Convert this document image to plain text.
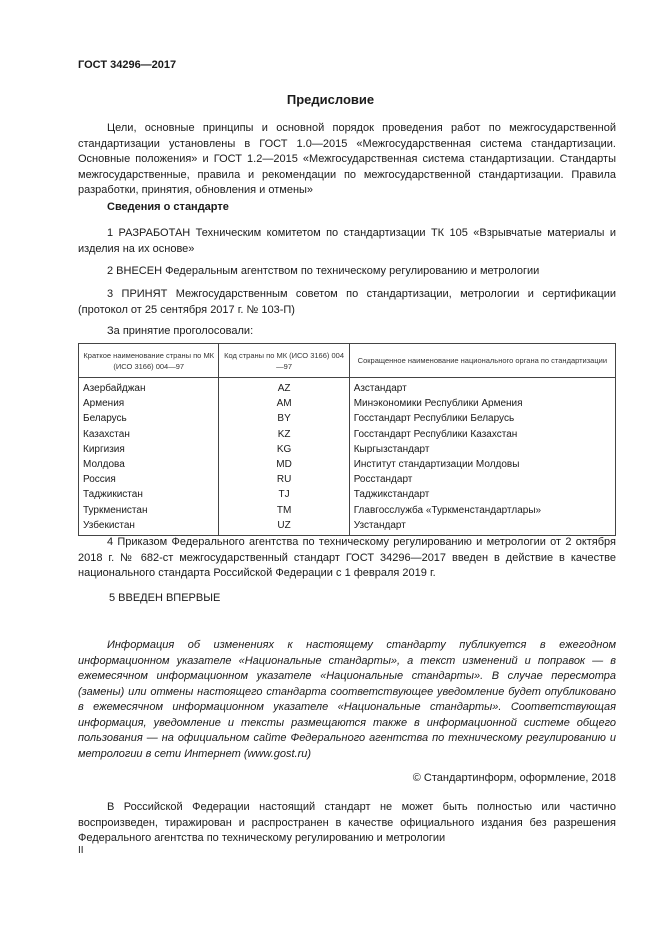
ГОСТ 34296—2017
Предисловие
Цели, основные принципы и основной порядок проведения работ по межгосударственной стандартизации установлены в ГОСТ 1.0—2015 «Межгосударственная система стандартизации. Основные положения» и ГОСТ 1.2—2015 «Межгосударственная система стандартизации. Стандарты межгосударственные, правила и рекомендации по межгосударственной стандартизации. Правила разработки, принятия, обновления и отмены»
Сведения о стандарте
1 РАЗРАБОТАН Техническим комитетом по стандартизации ТК 105 «Взрывчатые материалы и изделия на их основе»
2 ВНЕСЕН Федеральным агентством по техническому регулированию и метрологии
3 ПРИНЯТ Межгосударственным советом по стандартизации, метрологии и сертификации (протокол от 25 сентября 2017 г. № 103-П)
За принятие проголосовали:
Краткое наименование страны по МК (ИСО 3166) 004—97	Код страны по МК (ИСО 3166) 004—97	Сокращенное наименование национального органа по стандартизации
Азербайджан	AZ	Азстандарт
Армения	AM	Минэкономики Республики Армения
Беларусь	BY	Госстандарт Республики Беларусь
Казахстан	KZ	Госстандарт Республики Казахстан
Киргизия	KG	Кыргызстандарт
Молдова	MD	Институт стандартизации Молдовы
Россия	RU	Росстандарт
Таджикистан	TJ	Таджикстандарт
Туркменистан	TM	Главгосслужба «Туркменстандартлары»
Узбекистан	UZ	Узстандарт
4 Приказом Федерального агентства по техническому регулированию и метрологии от 2 октября 2018 г. № 682-ст межгосударственный стандарт ГОСТ 34296—2017 введен в действие в качестве национального стандарта Российской Федерации с 1 февраля 2019 г.
5 ВВЕДЕН ВПЕРВЫЕ
Информация об изменениях к настоящему стандарту публикуется в ежегодном информационном указателе «Национальные стандарты», а текст изменений и поправок — в ежемесячном информационном указателе «Национальные стандарты». В случае пересмотра (замены) или отмены настоящего стандарта соответствующее уведомление будет опубликовано в ежемесячном информационном указателе «Национальные стандарты». Соответствующая информация, уведомление и тексты размещаются также в информационной системе общего пользования — на официальном сайте Федерального агентства по техническому регулированию и метрологии в сети Интернет (www.gost.ru)
© Стандартинформ, оформление, 2018
В Российской Федерации настоящий стандарт не может быть полностью или частично воспроизведен, тиражирован и распространен в качестве официального издания без разрешения Федерального агентства по техническому регулированию и метрологии
II
